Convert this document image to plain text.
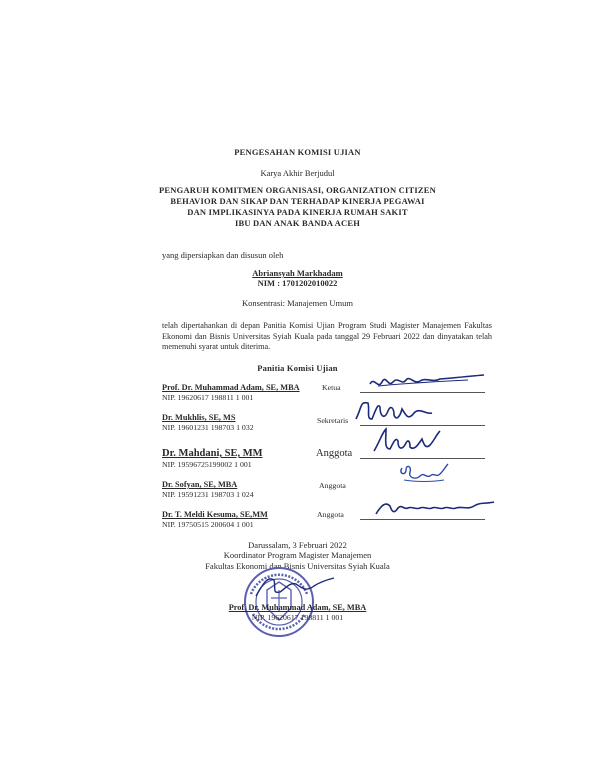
PENGESAHAN KOMISI UJIAN
Karya Akhir Berjudul
PENGARUH KOMITMEN ORGANISASI, ORGANIZATION CITIZEN
BEHAVIOR DAN SIKAP DAN TERHADAP KINERJA PEGAWAI
DAN IMPLIKASINYA PADA KINERJA RUMAH SAKIT
IBU DAN ANAK BANDA ACEH
yang dipersiapkan dan disusun oleh
Abriansyah Markhadam
NIM : 1701202010022
Konsentrasi: Manajemen Umum
telah dipertahankan di depan Panitia Komisi Ujian Program Studi Magister Manajemen Fakultas Ekonomi dan Bisnis Universitas Syiah Kuala pada tanggal 29 Februari 2022 dan dinyatakan telah memenuhi syarat untuk diterima.
Panitia Komisi Ujian
Prof. Dr. Muhammad Adam, SE, MBA
NIP. 19620617 198811 1 001
Ketua
Dr. Mukhlis, SE, MS
NIP. 19601231 198703 1 032
Sekretaris
Dr. Mahdani, SE, MM
NIP. 19596725199002 1 001
Anggota
Dr. Sofyan, SE, MBA
NIP. 19591231 198703 1 024
Anggota
Dr. T. Meldi Kesuma, SE,MM
NIP. 19750515 200604 1 001
Anggota
Darussalam, 3 Februari 2022
Koordinator Program Magister Manajemen
Fakultas Ekonomi dan Bisnis Universitas Syiah Kuala
Prof. Dr. Muhammad Adam, SE, MBA
NIP. 19620617 198811 1 001
